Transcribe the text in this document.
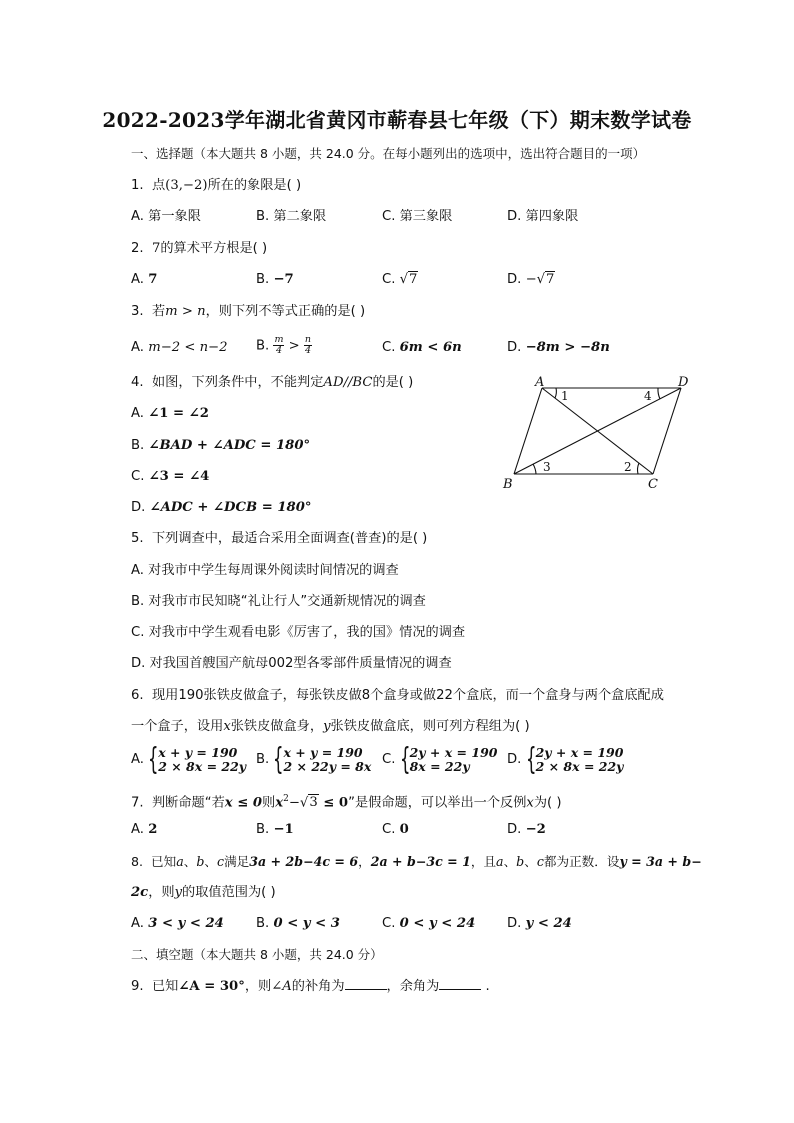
2022-2023学年湖北省黄冈市蕲春县七年级（下）期末数学试卷
一、选择题（本大题共 8 小题，共 24.0 分。在每小题列出的选项中，选出符合题目的一项）
1. 点(3,−2)所在的象限是( )
A. 第一象限	B. 第二象限	C. 第三象限	D. 第四象限
2. 7的算术平方根是( )
A. 7	B. −7	C. √7	D. −√7
3. 若m > n，则下列不等式正确的是( )
A. m−2 < n−2 B. $\frac{m}{4} > \frac{n}{4}$	C. 6m < 6n	D. −8m > −8n
4. 如图，下列条件中，不能判定AD//BC的是( )
A. ∠1 = ∠2
B. ∠BAD + ∠ADC = 180°
C. ∠3 = ∠4
D. ∠ADC + ∠DCB = 180°
A	D
B	C
1	4
3	2
5. 下列调查中，最适合采用全面调查(普查)的是( )
A. 对我市中学生每周课外阅读时间情况的调查
B. 对我市市民知晓“礼让行人”交通新规情况的调查
C. 对我市中学生观看电影《厉害了，我的国》情况的调查
D. 对我国首艘国产航母002型各零部件质量情况的调查
6. 现用190张铁皮做盒子，每张铁皮做8个盒身或做22个盒底，而一个盒身与两个盒底配成
一个盒子，设用x张铁皮做盒身，y张铁皮做盒底，则可列方程组为( )
A. { x + y = 190
2 × 8x = 22y B. { x + y = 190
2 × 22y = 8x C. { 2y + x = 190
8x = 22y	D. { 2y + x = 190
2 × 8x = 22y
7. 判断命题“若x ≤ 0则$x^2-√3 \le 0$”是假命题，可以举出一个反例x为( )
A. 2	B. −1	C. 0	D. −2
8. 已知a、b、c满足3a + 2b−4c = 6，2a + b−3c = 1，且a、b、c都为正数．设y = 3a + b−
2c，则y的取值范围为( )
A. 3 < y < 24 B. 0 < y < 3	C. 0 < y < 24 D. y < 24
二、填空题（本大题共 8 小题，共 24.0 分）
9. 已知∠A = 30°，则∠A的补角为	，余角为	.
